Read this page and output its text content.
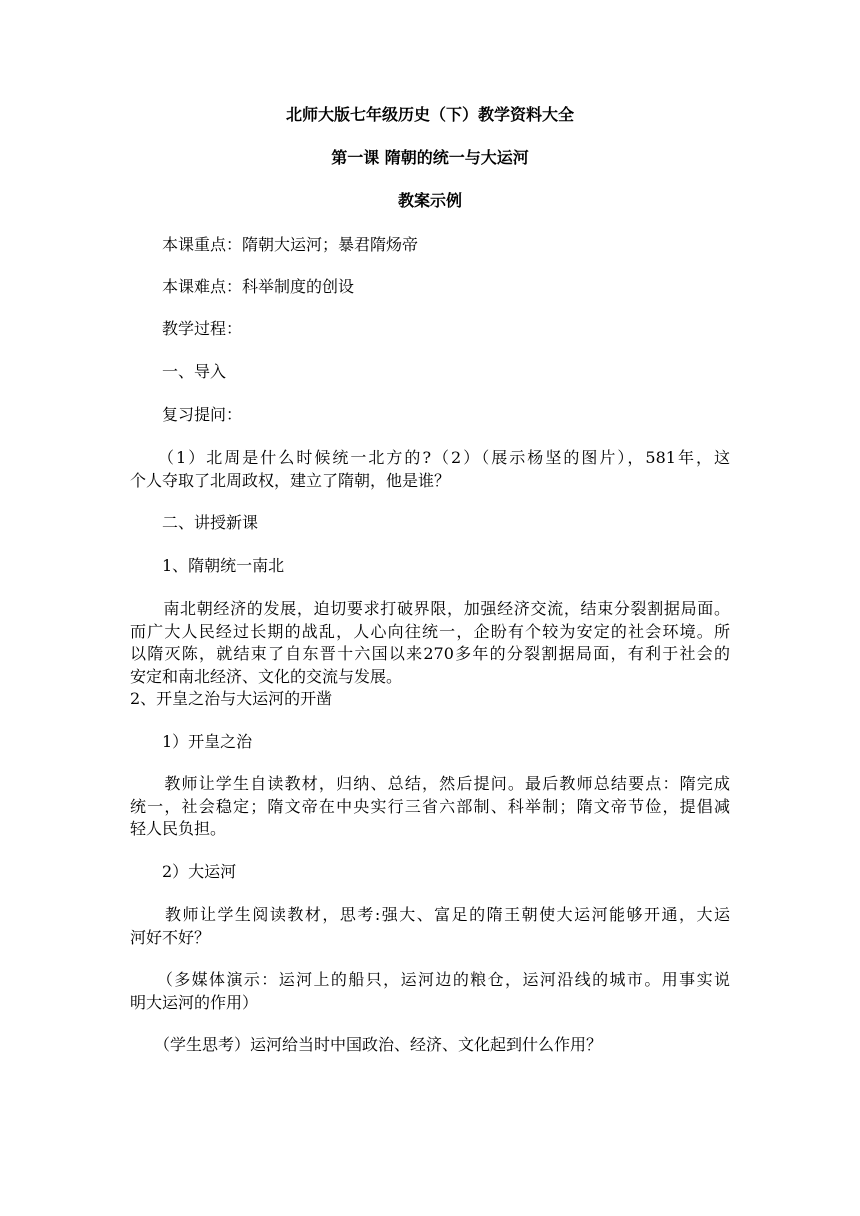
北师大版七年级历史（下）教学资料大全
第一课 隋朝的统一与大运河
教案示例

　　本课重点：隋朝大运河；暴君隋炀帝

　　本课难点：科举制度的创设

　　教学过程：

　　一、导入

　　复习提问：

　　（1）北周是什么时候统一北方的?（2）（展示杨坚的图片），581年，这
个人夺取了北周政权，建立了隋朝，他是谁？

　　二、讲授新课

　　1、隋朝统一南北

　　南北朝经济的发展，迫切要求打破界限，加强经济交流，结束分裂割据局面。
而广大人民经过长期的战乱，人心向往统一，企盼有个较为安定的社会环境。所
以隋灭陈，就结束了自东晋十六国以来270多年的分裂割据局面，有利于社会的
安定和南北经济、文化的交流与发展。

2、开皇之治与大运河的开凿

　　1）开皇之治

　　教师让学生自读教材，归纳、总结，然后提问。最后教师总结要点：隋完成
统一，社会稳定；隋文帝在中央实行三省六部制、科举制；隋文帝节俭，提倡减
轻人民负担。

　　2）大运河

　　教师让学生阅读教材，思考:强大、富足的隋王朝使大运河能够开通，大运
河好不好？
　　（多媒体演示：运河上的船只，运河边的粮仓，运河沿线的城市。用事实说
明大运河的作用）

　　（学生思考）运河给当时中国政治、经济、文化起到什么作用？
